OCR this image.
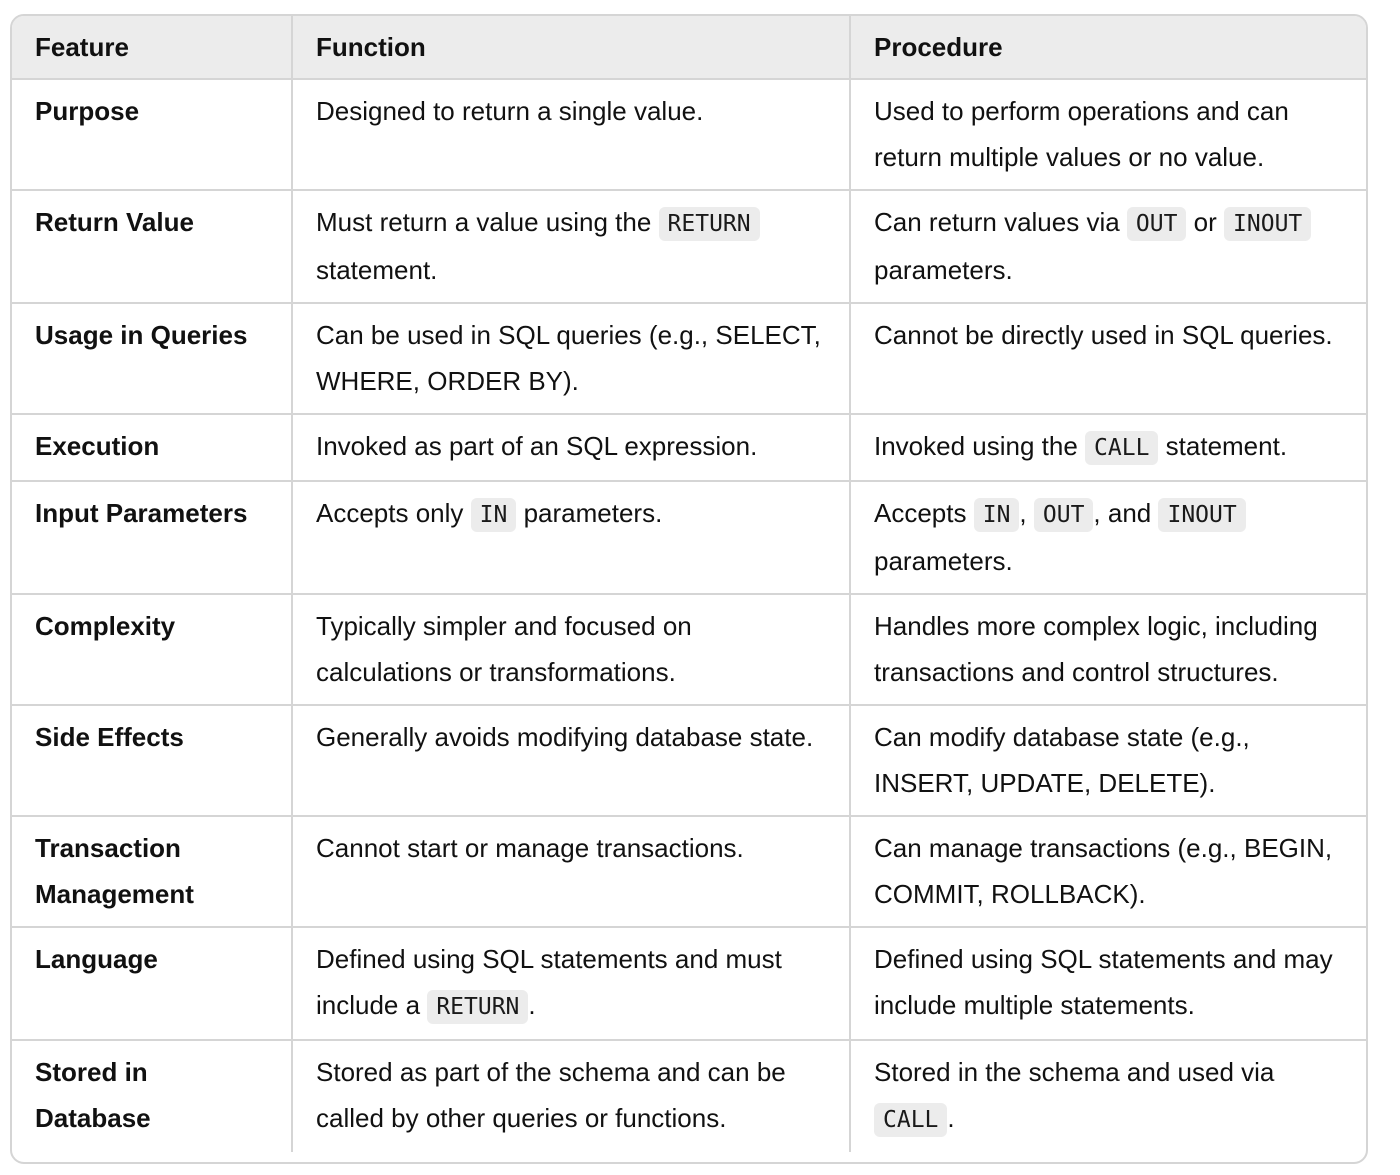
Feature	Function	Procedure
Purpose	Designed to return a single value.	Used to perform operations and can return multiple values or no value.
Return Value	Must return a value using the RETURN statement.	Can return values via OUT or INOUT parameters.
Usage in Queries	Can be used in SQL queries (e.g., SELECT, WHERE, ORDER BY).	Cannot be directly used in SQL queries.
Execution	Invoked as part of an SQL expression.	Invoked using the CALL statement.
Input Parameters	Accepts only IN parameters.	Accepts IN , OUT , and INOUT parameters.
Complexity	Typically simpler and focused on calculations or transformations.	Handles more complex logic, including transactions and control structures.
Side Effects	Generally avoids modifying database state.	Can modify database state (e.g., INSERT, UPDATE, DELETE).
Transaction Management	Cannot start or manage transactions.	Can manage transactions (e.g., BEGIN, COMMIT, ROLLBACK).
Language	Defined using SQL statements and must include a RETURN .	Defined using SQL statements and may include multiple statements.
Stored in Database	Stored as part of the schema and can be called by other queries or functions.	Stored in the schema and used via CALL .
